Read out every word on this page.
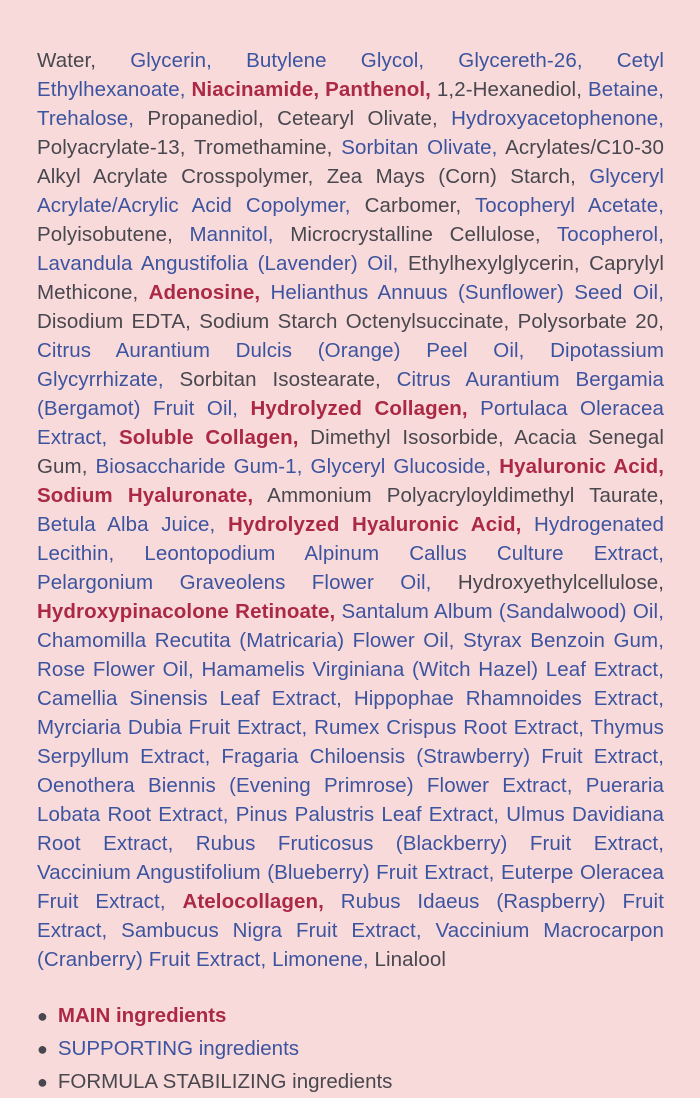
Water, Glycerin, Butylene Glycol, Glycereth-26, Cetyl Ethylhexanoate, Niacinamide, Panthenol, 1,2-Hexanediol, Betaine, Trehalose, Propanediol, Cetearyl Olivate, Hydroxyacetophenone, Polyacrylate-13, Tromethamine, Sorbitan Olivate, Acrylates/C10-30 Alkyl Acrylate Crosspolymer, Zea Mays (Corn) Starch, Glyceryl Acrylate/Acrylic Acid Copolymer, Carbomer, Tocopheryl Acetate, Polyisobutene, Mannitol, Microcrystalline Cellulose, Tocopherol, Lavandula Angustifolia (Lavender) Oil, Ethylhexylglycerin, Caprylyl Methicone, Adenosine, Helianthus Annuus (Sunflower) Seed Oil, Disodium EDTA, Sodium Starch Octenylsuccinate, Polysorbate 20, Citrus Aurantium Dulcis (Orange) Peel Oil, Dipotassium Glycyrrhizate, Sorbitan Isostearate, Citrus Aurantium Bergamia (Bergamot) Fruit Oil, Hydrolyzed Collagen, Portulaca Oleracea Extract, Soluble Collagen, Dimethyl Isosorbide, Acacia Senegal Gum, Biosaccharide Gum-1, Glyceryl Glucoside, Hyaluronic Acid, Sodium Hyaluronate, Ammonium Polyacryloyldimethyl Taurate, Betula Alba Juice, Hydrolyzed Hyaluronic Acid, Hydrogenated Lecithin, Leontopodium Alpinum Callus Culture Extract, Pelargonium Graveolens Flower Oil, Hydroxyethylcellulose, Hydroxypinacolone Retinoate, Santalum Album (Sandalwood) Oil, Chamomilla Recutita (Matricaria) Flower Oil, Styrax Benzoin Gum, Rose Flower Oil, Hamamelis Virginiana (Witch Hazel) Leaf Extract, Camellia Sinensis Leaf Extract, Hippophae Rhamnoides Extract, Myrciaria Dubia Fruit Extract, Rumex Crispus Root Extract, Thymus Serpyllum Extract, Fragaria Chiloensis (Strawberry) Fruit Extract, Oenothera Biennis (Evening Primrose) Flower Extract, Pueraria Lobata Root Extract, Pinus Palustris Leaf Extract, Ulmus Davidiana Root Extract, Rubus Fruticosus (Blackberry) Fruit Extract, Vaccinium Angustifolium (Blueberry) Fruit Extract, Euterpe Oleracea Fruit Extract, Atelocollagen, Rubus Idaeus (Raspberry) Fruit Extract, Sambucus Nigra Fruit Extract, Vaccinium Macrocarpon (Cranberry) Fruit Extract, Limonene, Linalool

● MAIN ingredients
● SUPPORTING ingredients
● FORMULA STABILIZING ingredients
